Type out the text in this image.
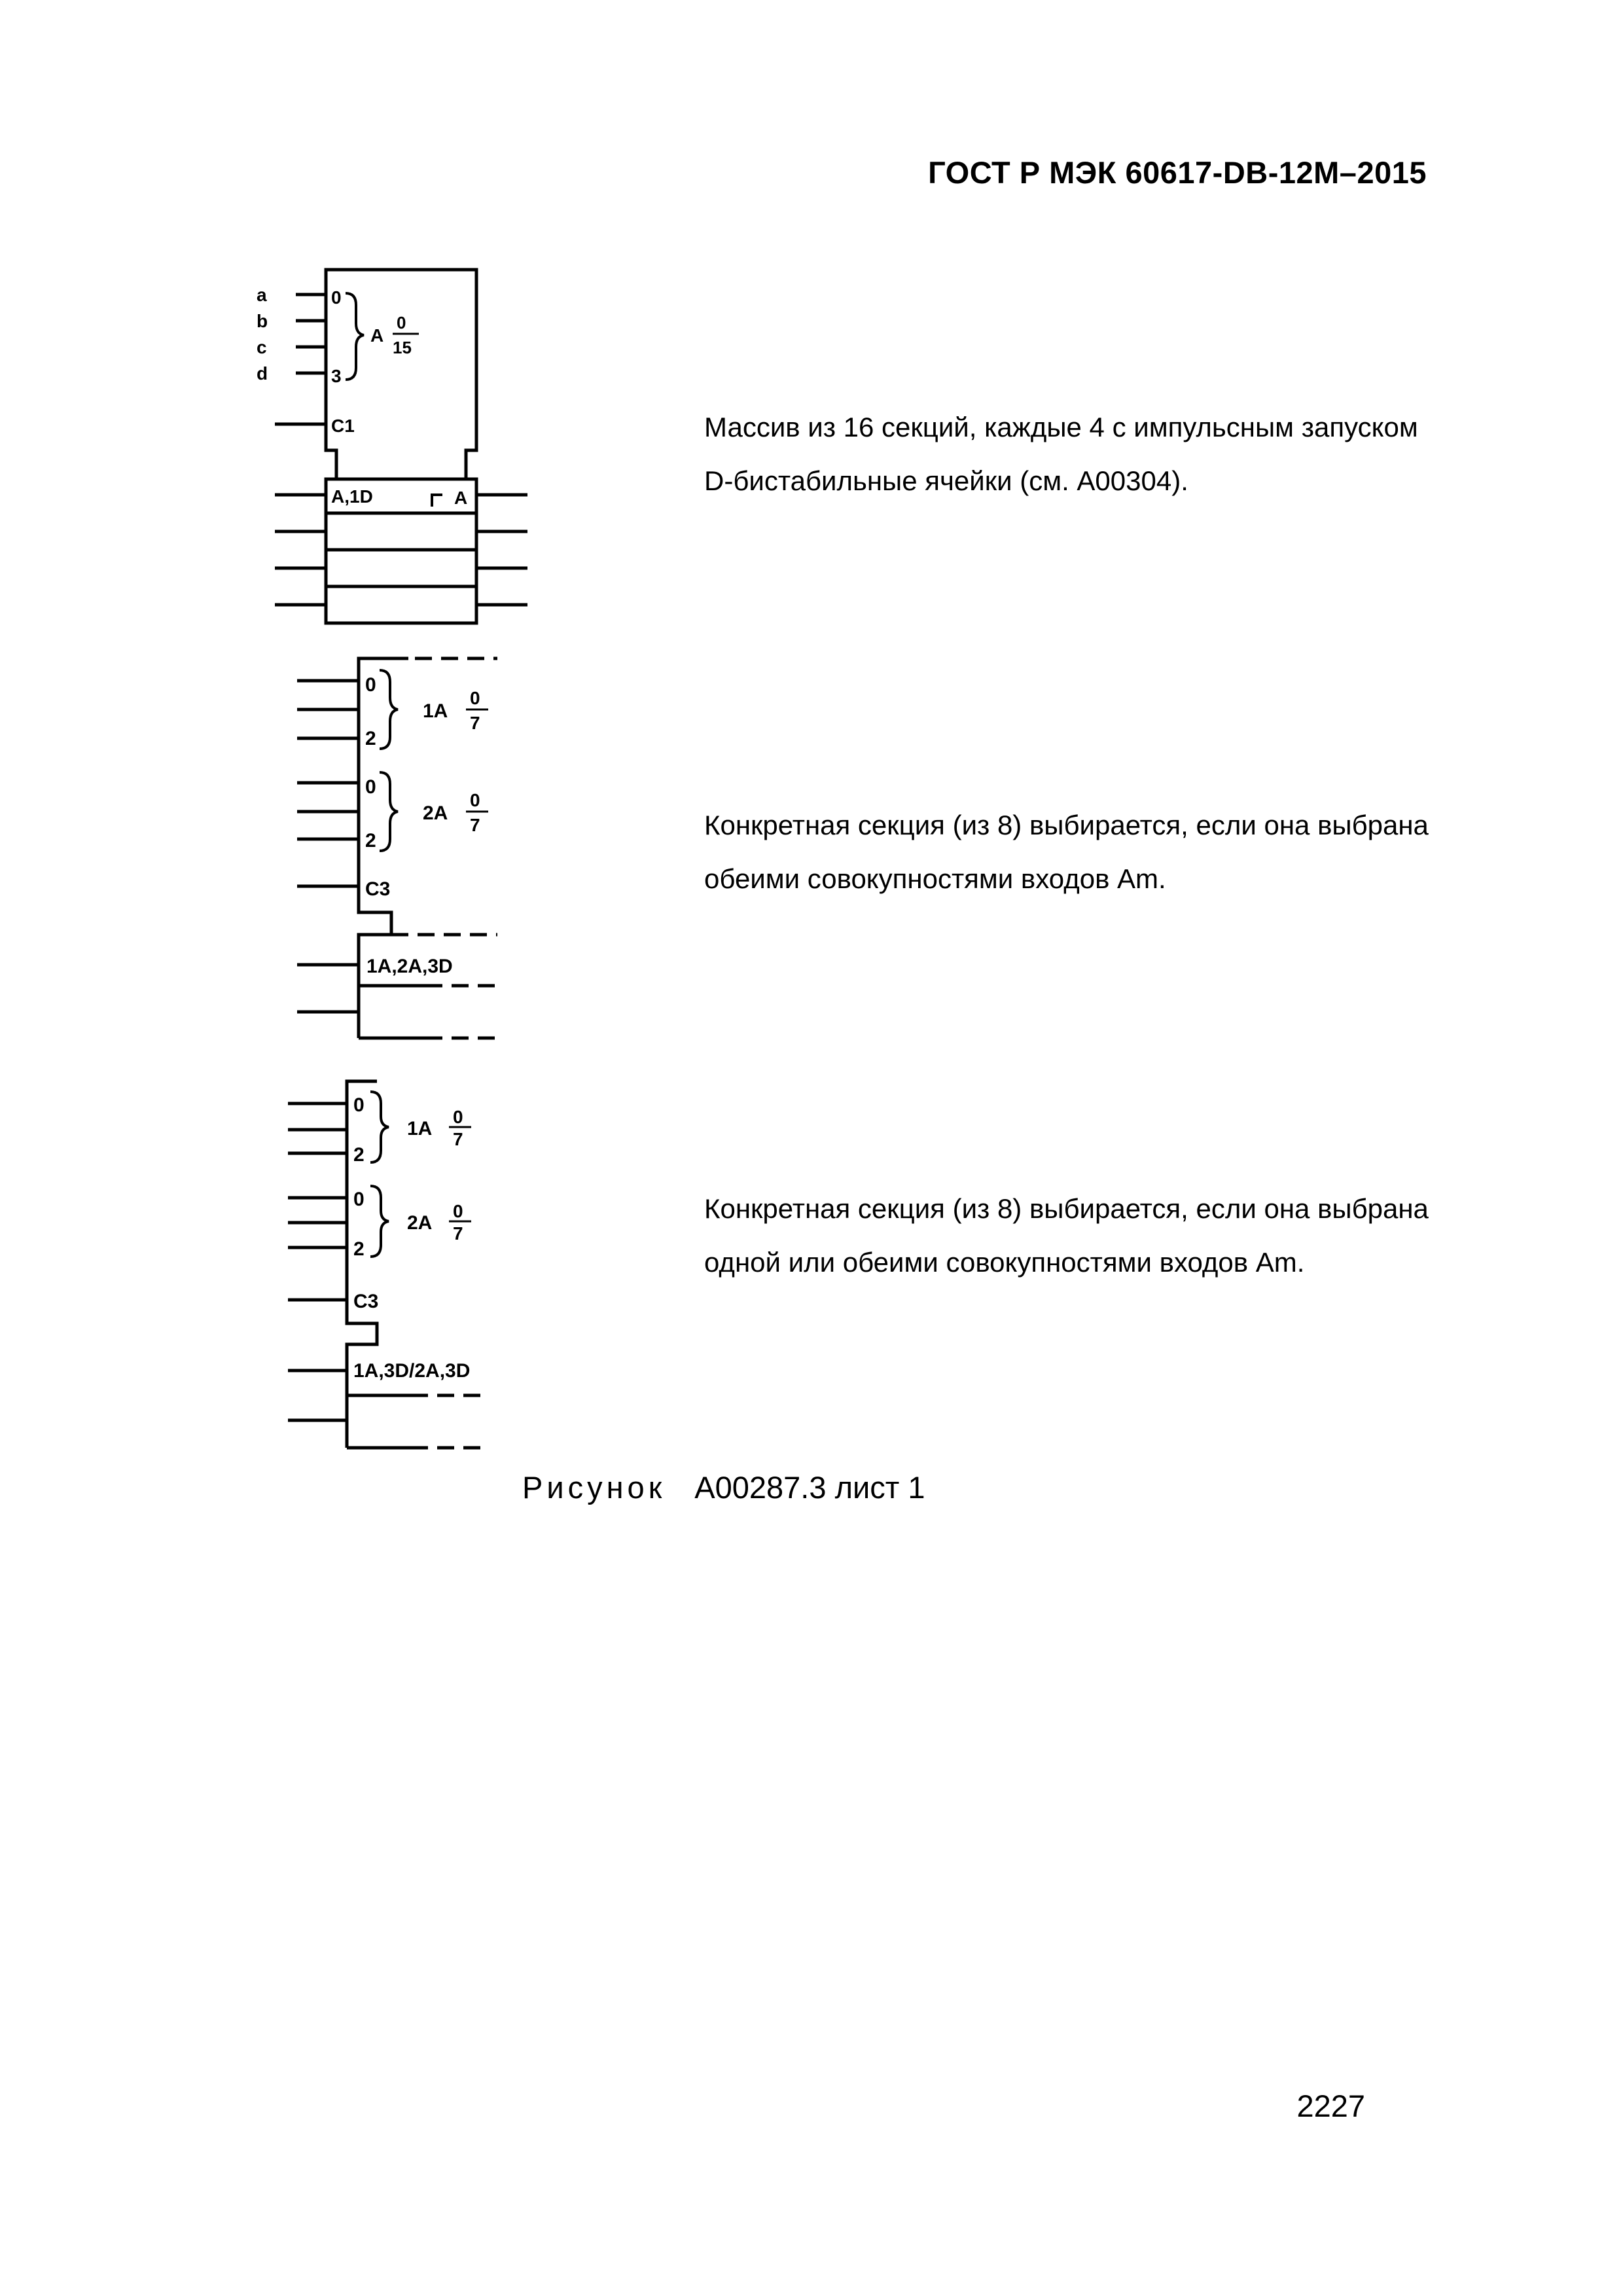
ГОСТ Р МЭК 60617-DB-12М–2015
a
b
c
d
0
3
A
0
15
C1
A,1D	A
0
2
1A
0
7
0
2
2A
0
7
C3
1A,2A,3D
0
2
1A
0
7
0
2
2A
0
7
C3
1A,3D/2A,3D
Массив из 16 секций, каждые 4 с импульсным запуском D-бистабильные ячейки (см. А00304).
Конкретная секция (из 8) выбирается, если она выбрана обеими совокупностями входов Am.
Конкретная секция (из 8) выбирается, если она выбрана одной или обеими совокупностями входов Am.
Рисунок А00287.3 лист 1
2227
